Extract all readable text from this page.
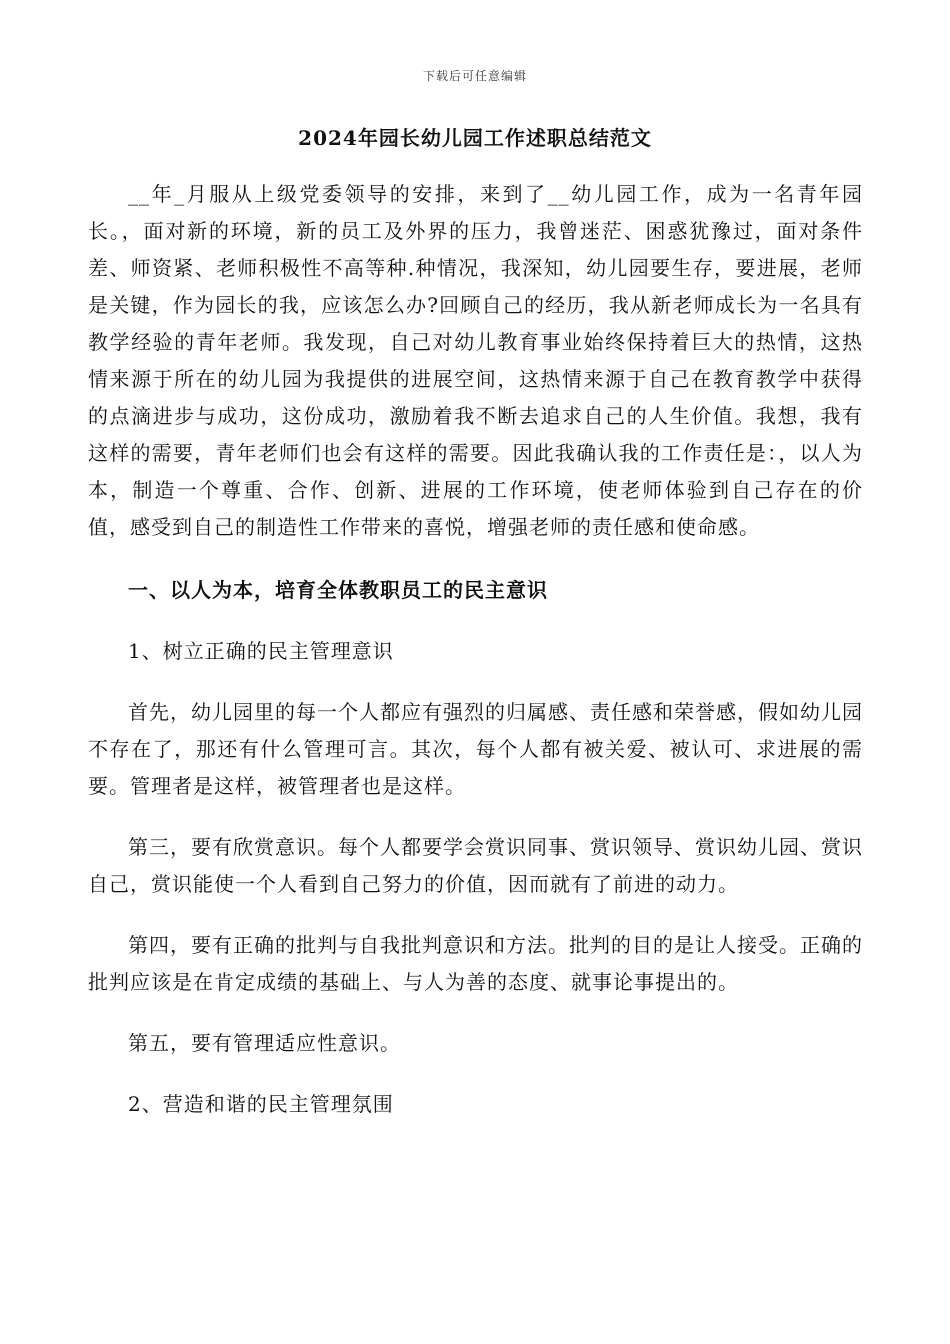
下载后可任意编辑
2024年园长幼儿园工作述职总结范文

__年_月服从上级党委领导的安排，来到了__幼儿园工作，成为一名青年园长。，面对新的环境，新的员工及外界的压力，我曾迷茫、困惑犹豫过，面对条件差、师资紧、老师积极性不高等种.种情况，我深知，幼儿园要生存，要进展，老师是关键，作为园长的我，应该怎么办?回顾自己的经历，我从新老师成长为一名具有教学经验的青年老师。我发现，自己对幼儿教育事业始终保持着巨大的热情，这热情来源于所在的幼儿园为我提供的进展空间，这热情来源于自己在教育教学中获得的点滴进步与成功，这份成功，激励着我不断去追求自己的人生价值。我想，我有这样的需要，青年老师们也会有这样的需要。因此我确认我的工作责任是：，以人为本，制造一个尊重、合作、创新、进展的工作环境，使老师体验到自己存在的价值，感受到自己的制造性工作带来的喜悦，增强老师的责任感和使命感。

一、以人为本，培育全体教职员工的民主意识

1、树立正确的民主管理意识

首先，幼儿园里的每一个人都应有强烈的归属感、责任感和荣誉感，假如幼儿园不存在了，那还有什么管理可言。其次，每个人都有被关爱、被认可、求进展的需要。管理者是这样，被管理者也是这样。

第三，要有欣赏意识。每个人都要学会赏识同事、赏识领导、赏识幼儿园、赏识自己，赏识能使一个人看到自己努力的价值，因而就有了前进的动力。

第四，要有正确的批判与自我批判意识和方法。批判的目的是让人接受。正确的批判应该是在肯定成绩的基础上、与人为善的态度、就事论事提出的。

第五，要有管理适应性意识。

2、营造和谐的民主管理氛围
